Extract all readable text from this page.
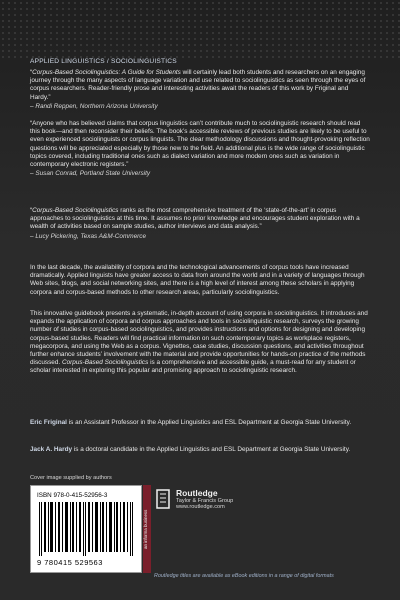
APPLIED LINGUISTICS / SOCIOLINGUISTICS

“Corpus-Based Sociolinguistics: A Guide for Students will certainly lead both students and researchers on an engaging journey through the many aspects of language variation and use related to sociolinguistics as seen through the eyes of corpus researchers. Reader-friendly prose and interesting activities await the readers of this work by Friginal and Hardy.”

– Randi Reppen, Northern Arizona University

“Anyone who has believed claims that corpus linguistics can’t contribute much to sociolinguistic research should read this book—and then reconsider their beliefs. The book’s accessible reviews of previous studies are likely to be useful to even experienced sociolinguists or corpus linguists. The clear methodology discussions and thought-provoking reflection questions will be appreciated especially by those new to the field. An additional plus is the wide range of sociolinguistic topics covered, including traditional ones such as dialect variation and more modern ones such as variation in contemporary electronic registers.”

– Susan Conrad, Portland State University

“Corpus-Based Sociolinguistics ranks as the most comprehensive treatment of the ‘state-of-the-art’ in corpus approaches to sociolinguistics at this time. It assumes no prior knowledge and encourages student exploration with a wealth of activities based on sample studies, author interviews and data analysis.”

– Lucy Pickering, Texas A&M-Commerce
In the last decade, the availability of corpora and the technological advancements of corpus tools have increased dramatically. Applied linguists have greater access to data from around the world and in a variety of languages through Web sites, blogs, and social networking sites, and there is a high level of interest among these scholars in applying corpora and corpus-based methods to other research areas, particularly sociolinguistics.
This innovative guidebook presents a systematic, in-depth account of using corpora in sociolinguistics. It introduces and expands the application of corpora and corpus approaches and tools in sociolinguistic research, surveys the growing number of studies in corpus-based sociolinguistics, and provides instructions and options for designing and developing corpus-based studies. Readers will find practical information on such contemporary topics as workplace registers, megacorpora, and using the Web as a corpus. Vignettes, case studies, discussion questions, and activities throughout further enhance students’ involvement with the material and provide opportunities for hands-on practice of the methods discussed. Corpus-Based Sociolinguistics is a comprehensive and accessible guide, a must-read for any student or scholar interested in exploring this popular and promising approach to sociolinguistic research.
Eric Friginal is an Assistant Professor in the Applied Linguistics and ESL Department at Georgia State University.
Jack A. Hardy is a doctoral candidate in the Applied Linguistics and ESL Department at Georgia State University.
Cover image supplied by authors
ISBN 978-0-415-52956-3
9 780415 529563
an informa business
Routledge
Taylor & Francis Group
www.routledge.com
Routledge titles are available as eBook editions in a range of digital formats
